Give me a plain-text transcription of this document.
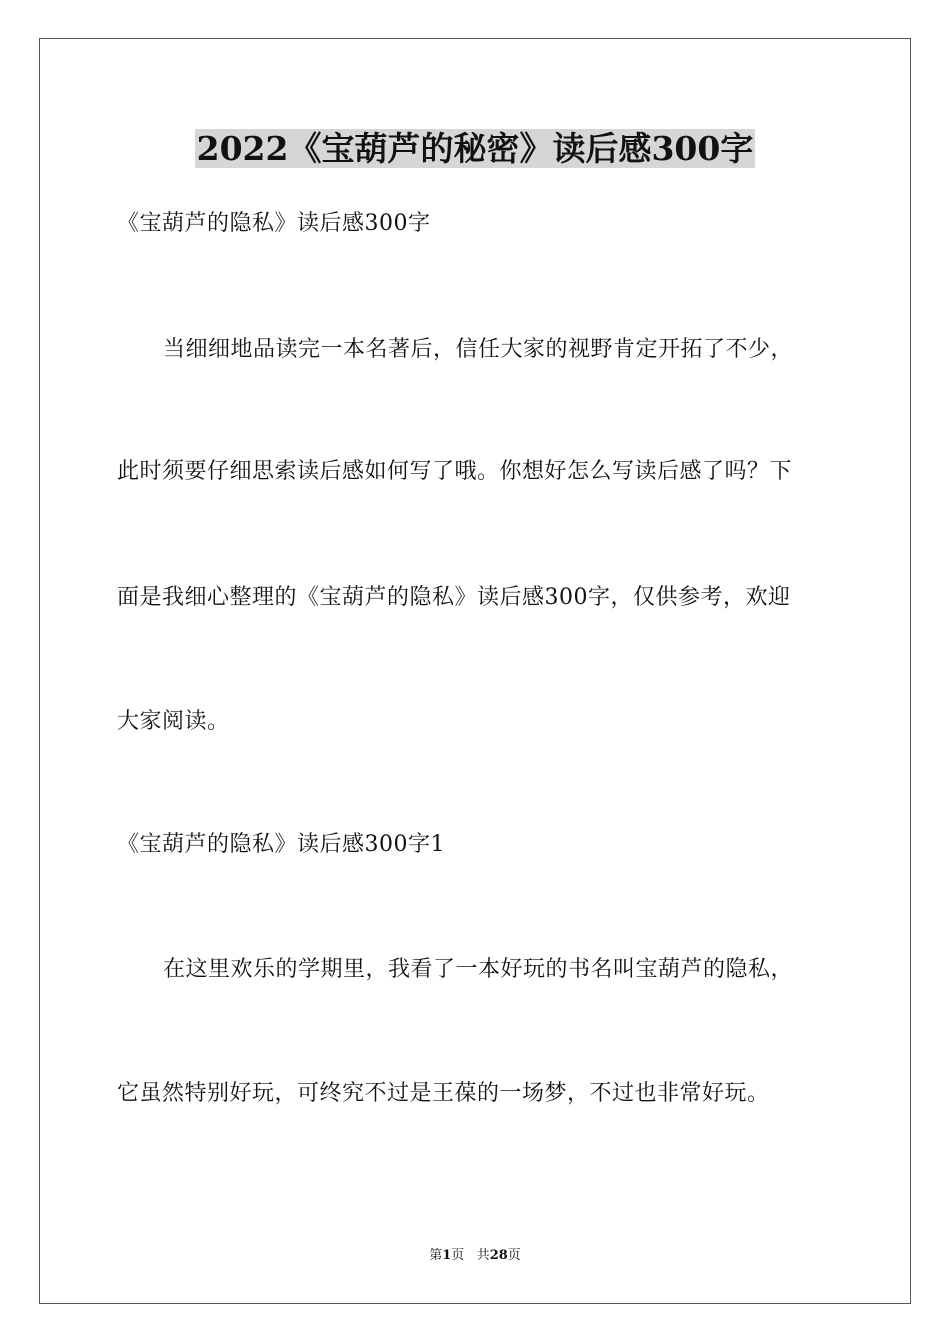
2022《宝葫芦的秘密》读后感300字
《宝葫芦的隐私》读后感300字
当细细地品读完一本名著后，信任大家的视野肯定开拓了不少，
此时须要仔细思索读后感如何写了哦。你想好怎么写读后感了吗？下
面是我细心整理的《宝葫芦的隐私》读后感300字，仅供参考，欢迎
大家阅读。
《宝葫芦的隐私》读后感300字1
在这里欢乐的学期里，我看了一本好玩的书名叫宝葫芦的隐私，
它虽然特别好玩，可终究不过是王葆的一场梦，不过也非常好玩。
第1页 共28页
